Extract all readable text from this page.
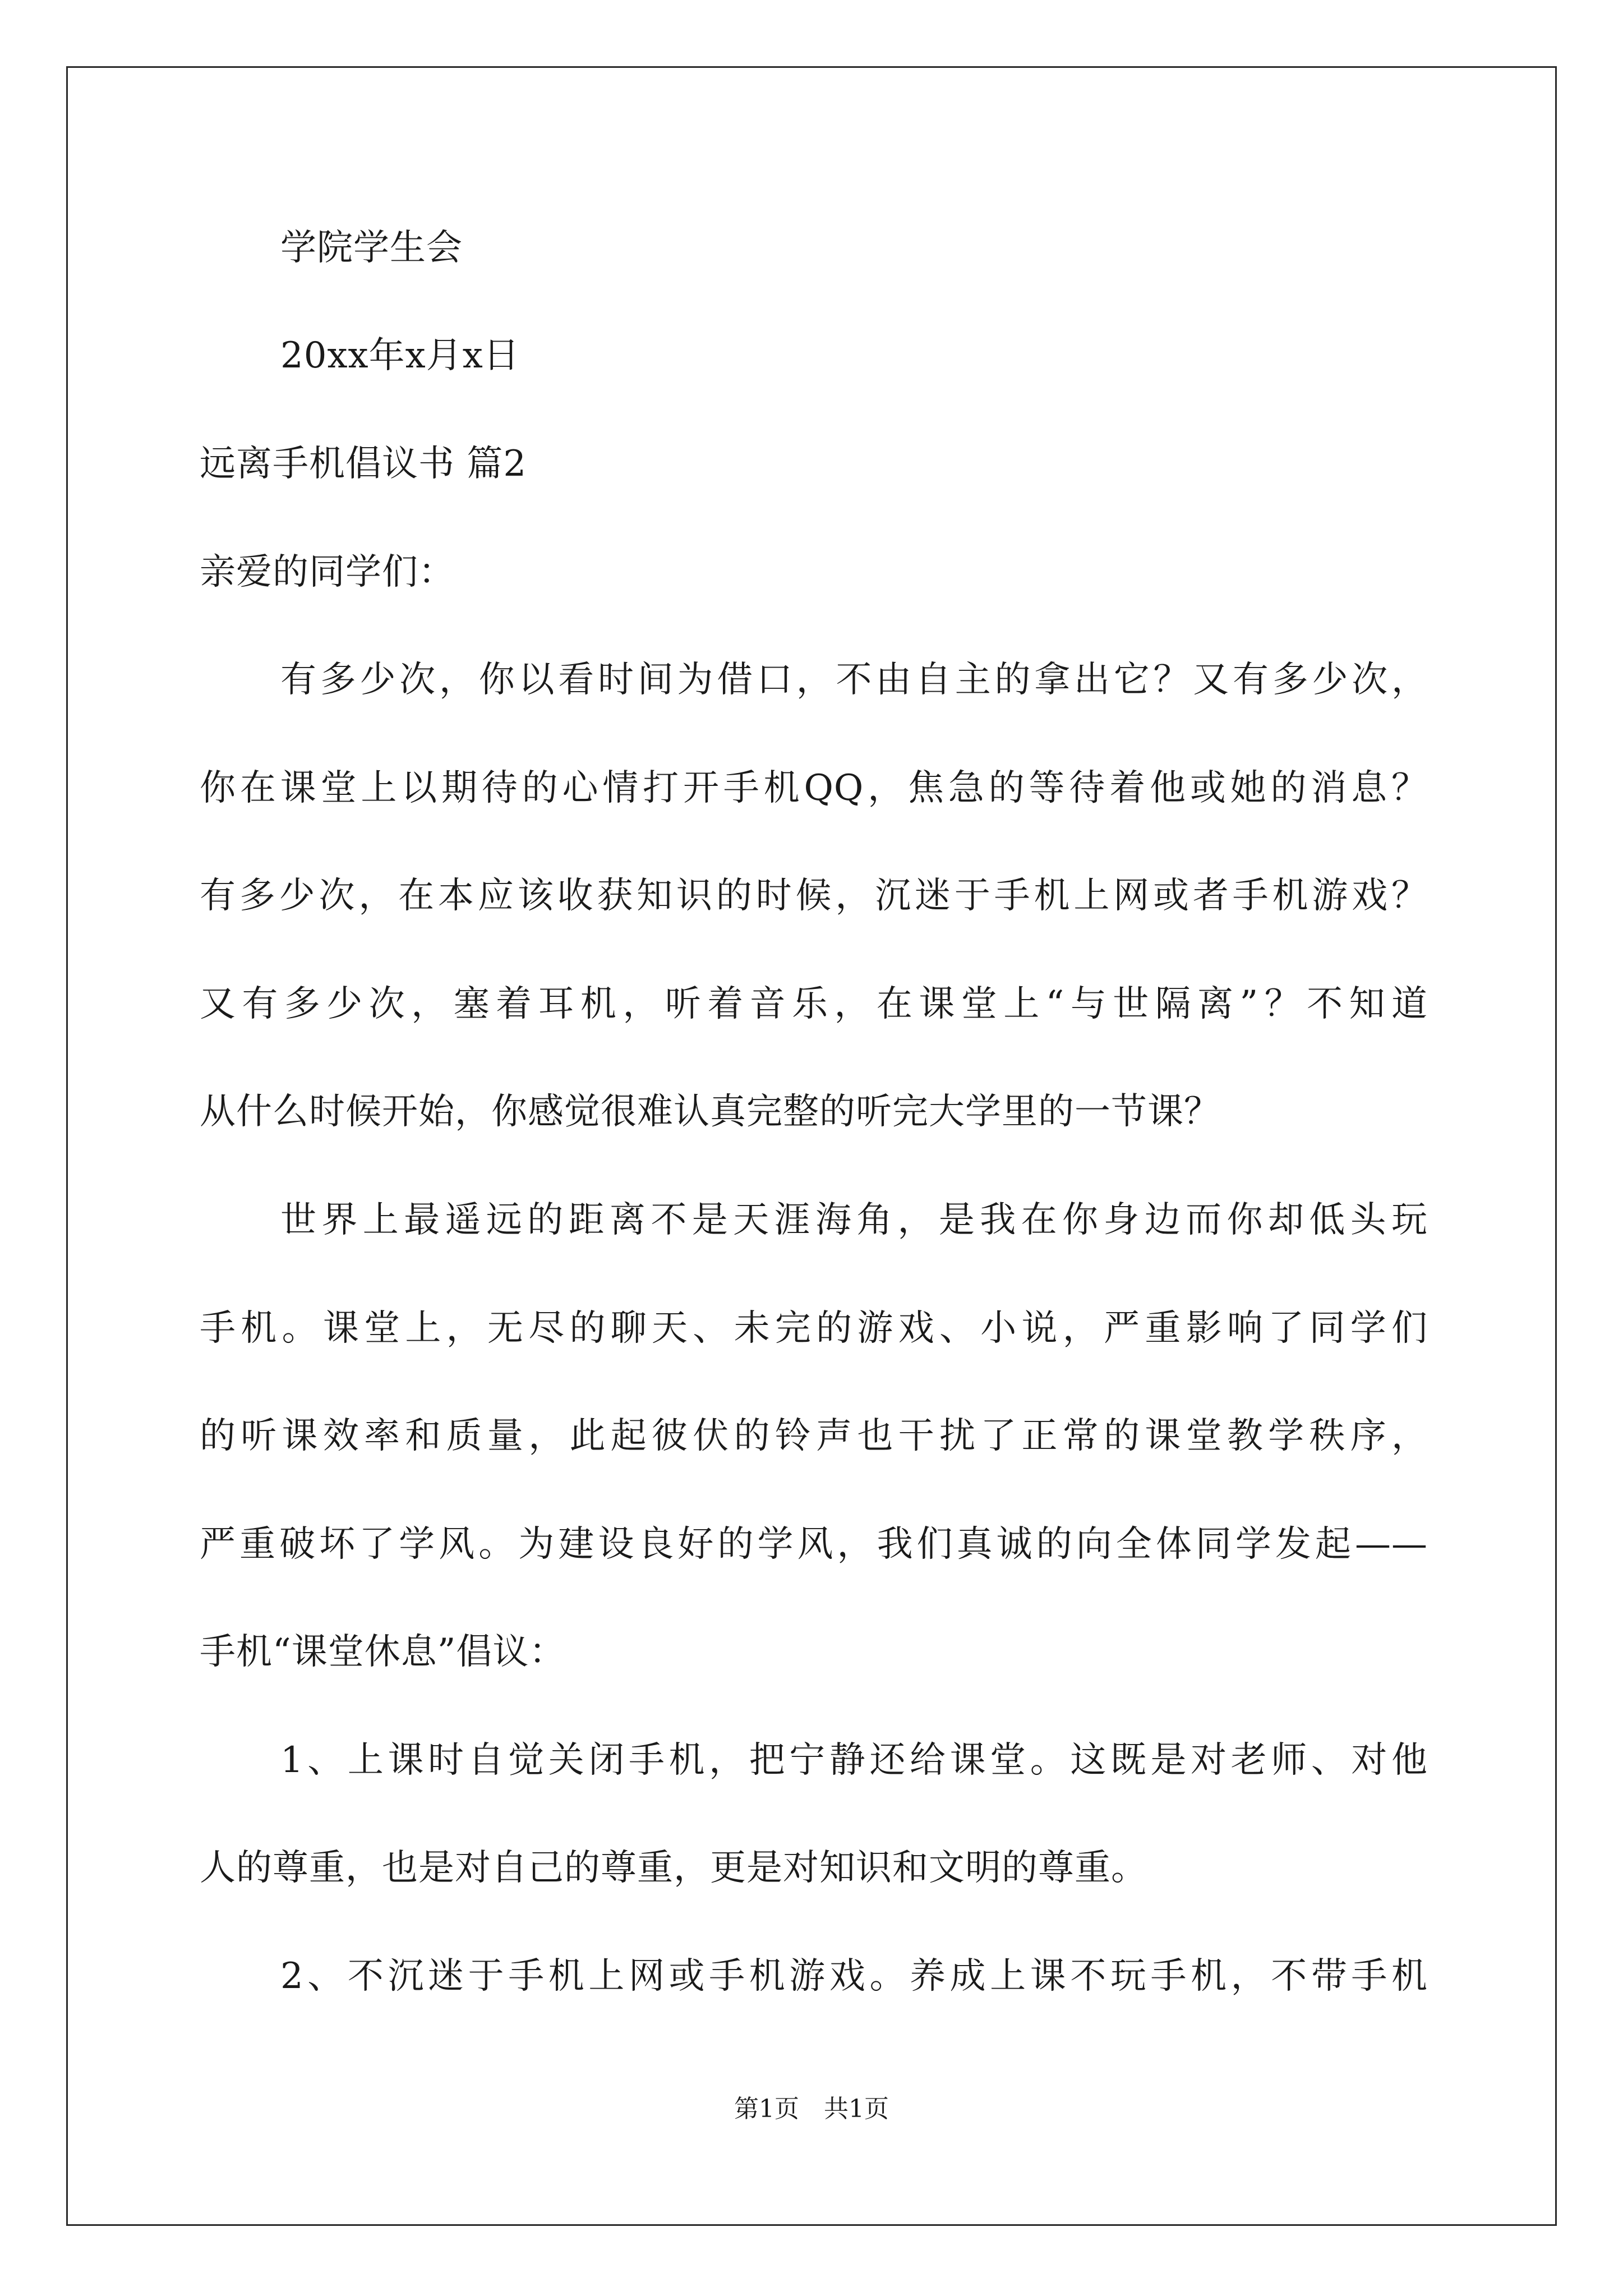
学院学生会
20xx年x月x日
远离手机倡议书 篇2
亲爱的同学们：
有多少次，你以看时间为借口，不由自主的拿出它？又有多少次，
你在课堂上以期待的心情打开手机QQ，焦急的等待着他或她的消息？
有多少次，在本应该收获知识的时候，沉迷于手机上网或者手机游戏？
又有多少次，塞着耳机，听着音乐，在课堂上“与世隔离”？不知道
从什么时候开始，你感觉很难认真完整的听完大学里的一节课？
世界上最遥远的距离不是天涯海角，是我在你身边而你却低头玩
手机。课堂上，无尽的聊天、未完的游戏、小说，严重影响了同学们
的听课效率和质量，此起彼伏的铃声也干扰了正常的课堂教学秩序，
严重破坏了学风。为建设良好的学风，我们真诚的向全体同学发起——
手机“课堂休息”倡议：
1、上课时自觉关闭手机，把宁静还给课堂。这既是对老师、对他
人的尊重，也是对自己的尊重，更是对知识和文明的尊重。
2、不沉迷于手机上网或手机游戏。养成上课不玩手机，不带手机
第1页　共1页
